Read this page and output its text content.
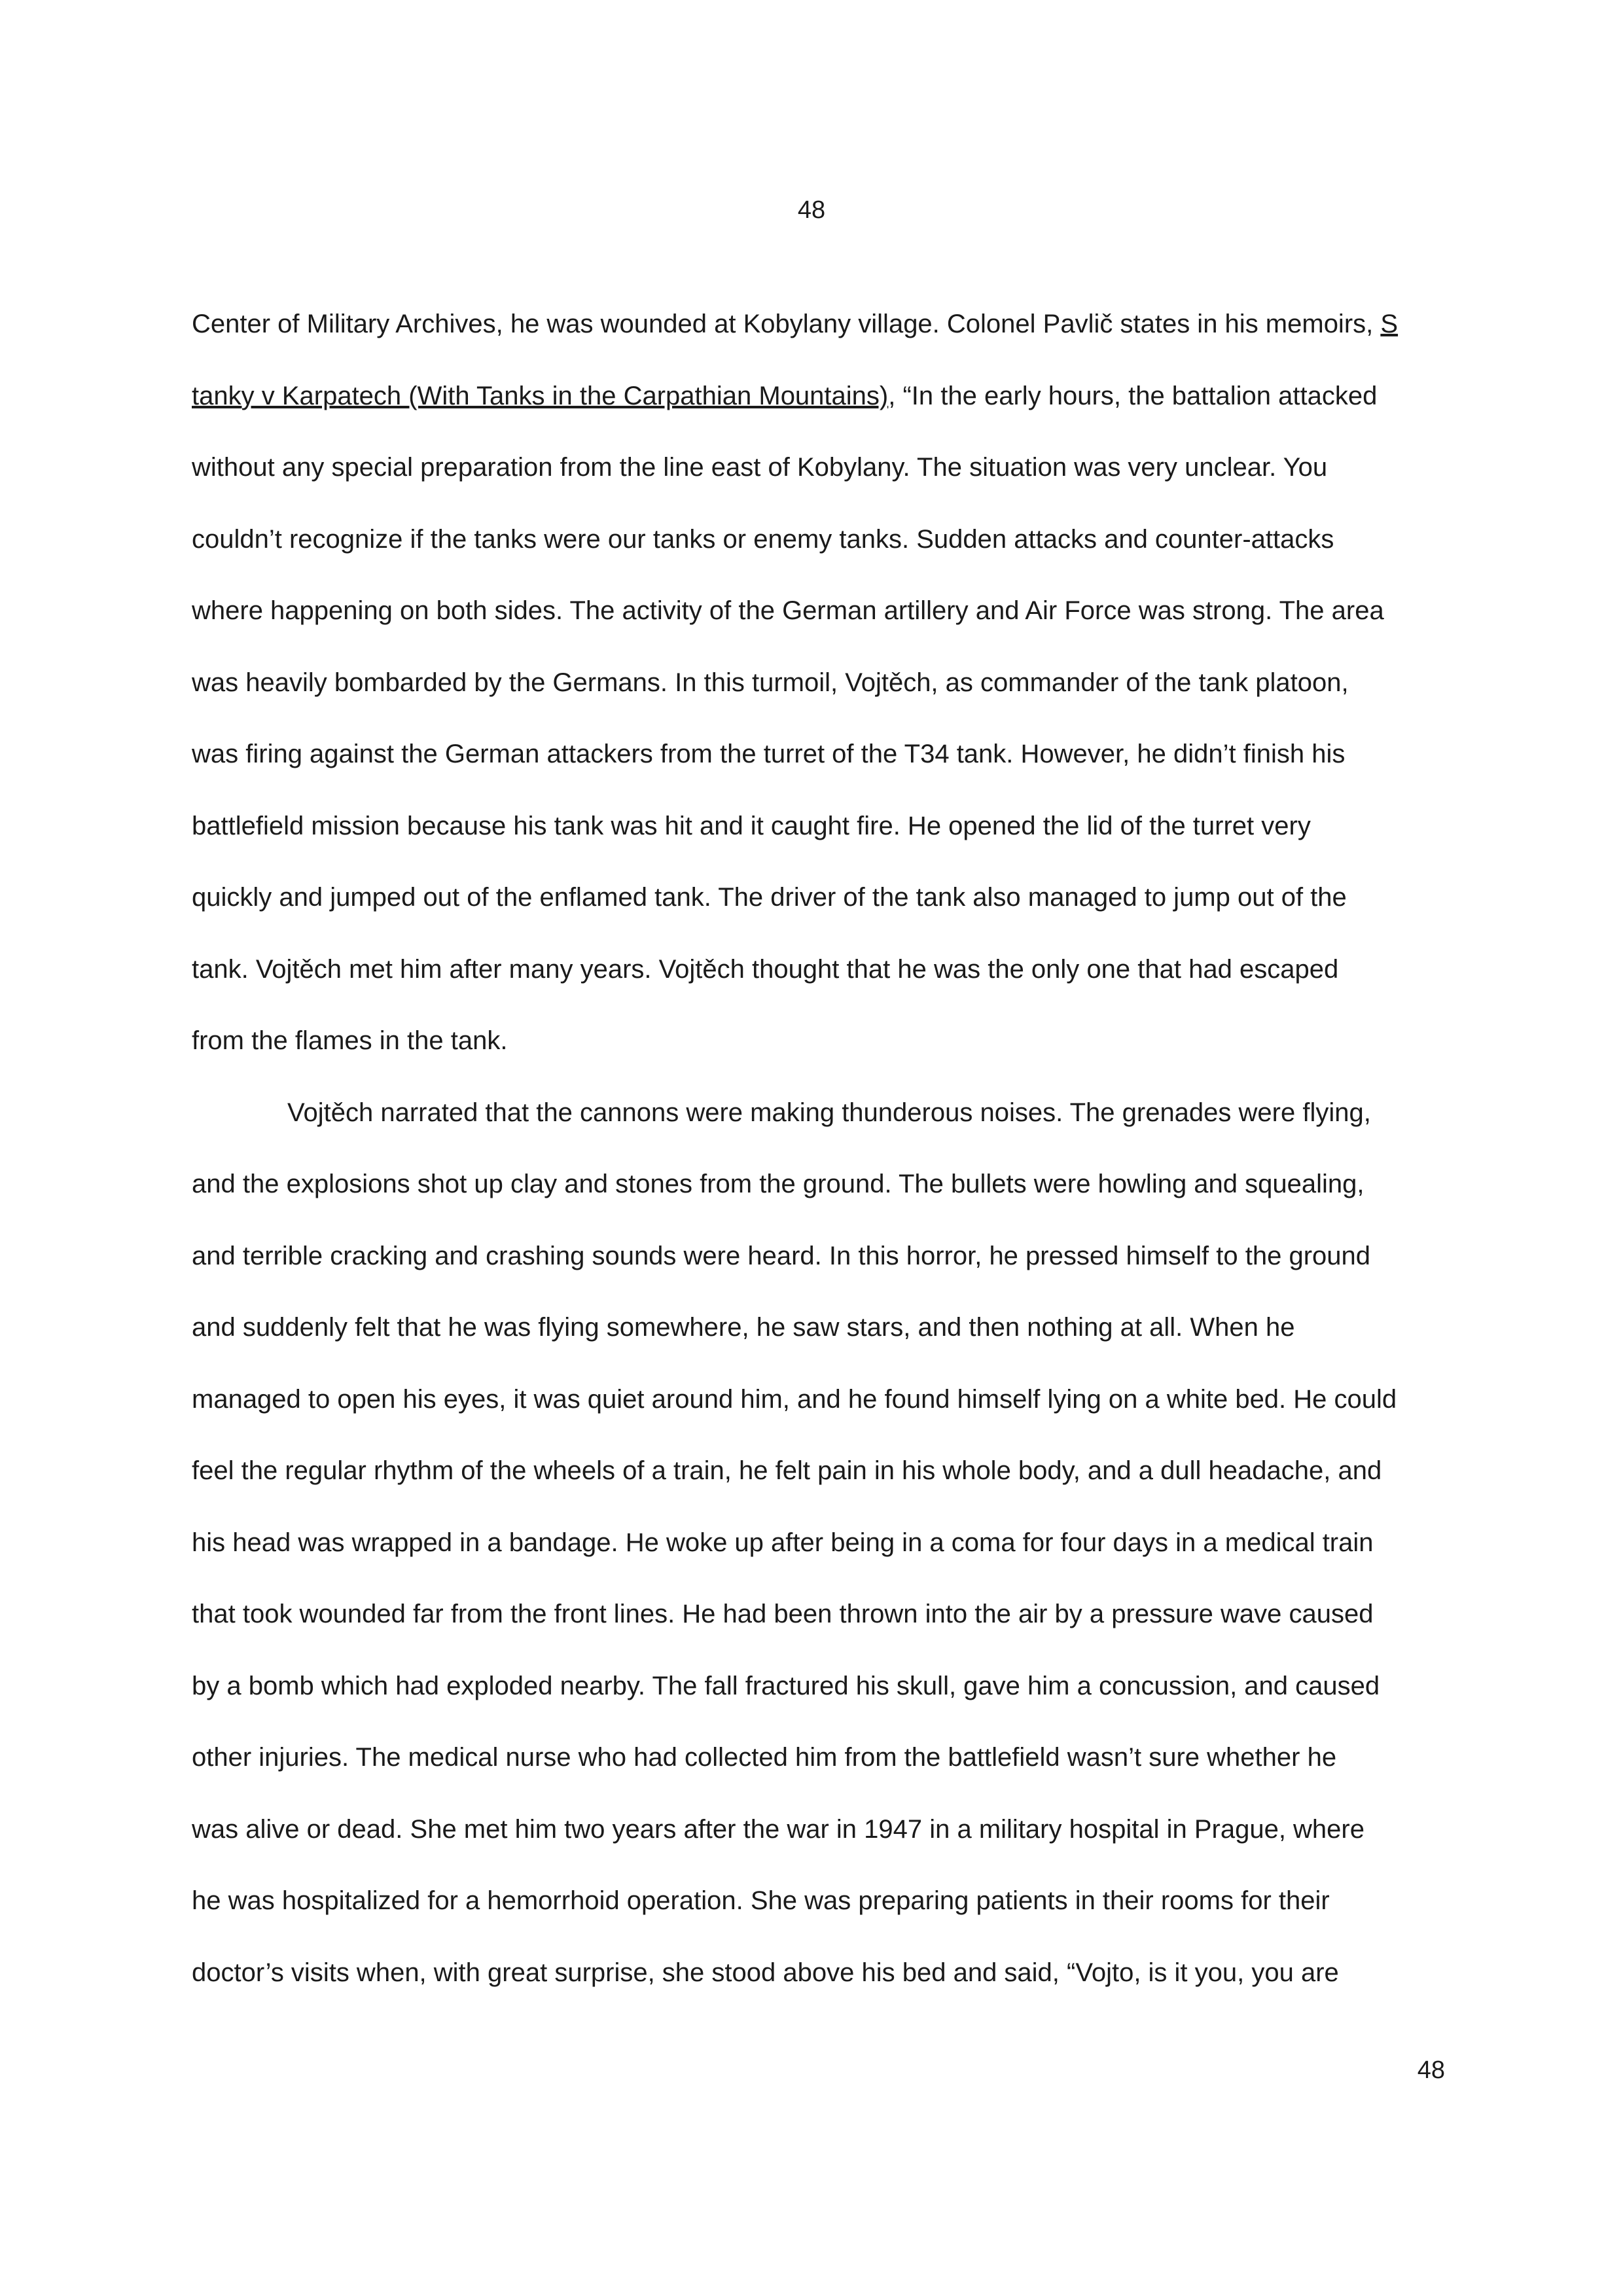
48
Center of Military Archives, he was wounded at Kobylany village. Colonel Pavlič states in his memoirs, S
tanky v Karpatech (With Tanks in the Carpathian Mountains), “In the early hours, the battalion attacked
without any special preparation from the line east of Kobylany. The situation was very unclear. You
couldn’t recognize if the tanks were our tanks or enemy tanks. Sudden attacks and counter-attacks
where happening on both sides. The activity of the German artillery and Air Force was strong. The area
was heavily bombarded by the Germans. In this turmoil, Vojtěch, as commander of the tank platoon,
was firing against the German attackers from the turret of the T34 tank. However, he didn’t finish his
battlefield mission because his tank was hit and it caught fire. He opened the lid of the turret very
quickly and jumped out of the enflamed tank. The driver of the tank also managed to jump out of the
tank. Vojtěch met him after many years. Vojtěch thought that he was the only one that had escaped
from the flames in the tank.
Vojtěch narrated that the cannons were making thunderous noises. The grenades were flying,
and the explosions shot up clay and stones from the ground. The bullets were howling and squealing,
and terrible cracking and crashing sounds were heard. In this horror, he pressed himself to the ground
and suddenly felt that he was flying somewhere, he saw stars, and then nothing at all. When he
managed to open his eyes, it was quiet around him, and he found himself lying on a white bed. He could
feel the regular rhythm of the wheels of a train, he felt pain in his whole body, and a dull headache, and
his head was wrapped in a bandage. He woke up after being in a coma for four days in a medical train
that took wounded far from the front lines. He had been thrown into the air by a pressure wave caused
by a bomb which had exploded nearby. The fall fractured his skull, gave him a concussion, and caused
other injuries. The medical nurse who had collected him from the battlefield wasn’t sure whether he
was alive or dead. She met him two years after the war in 1947 in a military hospital in Prague, where
he was hospitalized for a hemorrhoid operation. She was preparing patients in their rooms for their
doctor’s visits when, with great surprise, she stood above his bed and said, “Vojto, is it you, you are
48
